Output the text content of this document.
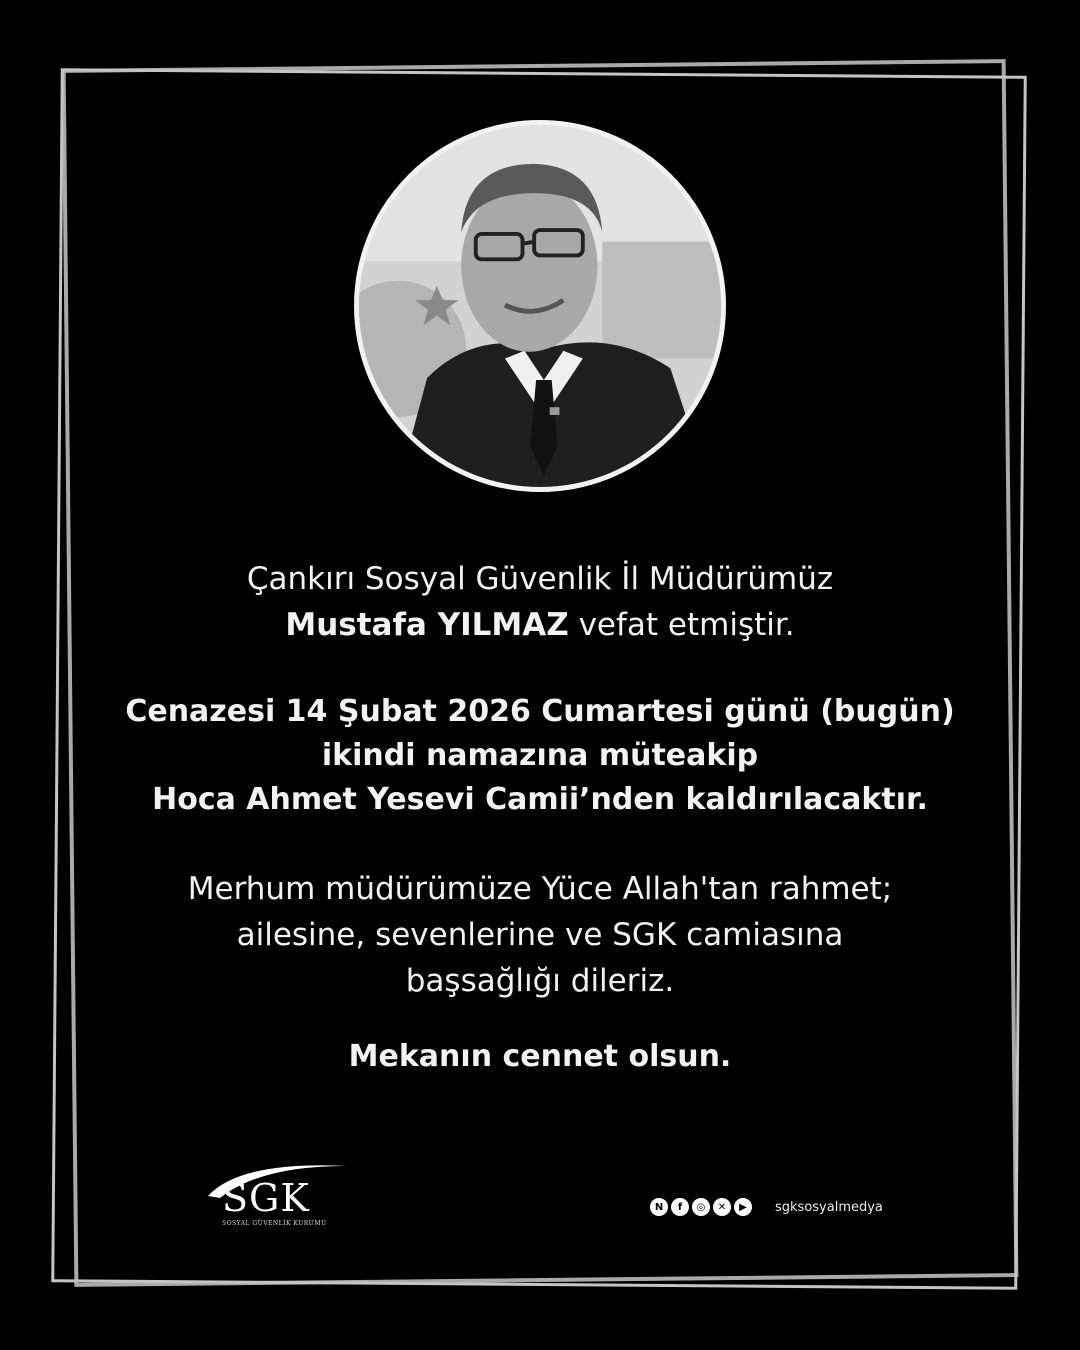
Çankırı Sosyal Güvenlik İl Müdürümüz
Mustafa YILMAZ vefat etmiştir.
Cenazesi 14 Şubat 2026 Cumartesi günü (bugün)
ikindi namazına müteakip
Hoca Ahmet Yesevi Camii’nden kaldırılacaktır.
Merhum müdürümüze Yüce Allah'tan rahmet;
ailesine, sevenlerine ve SGK camiasına
başsağlığı dileriz.
Mekanın cennet olsun.
SGK
SOSYAL GÜVENLİK KURUMU
N	f	◎	✕	▶	sgksosyalmedya
